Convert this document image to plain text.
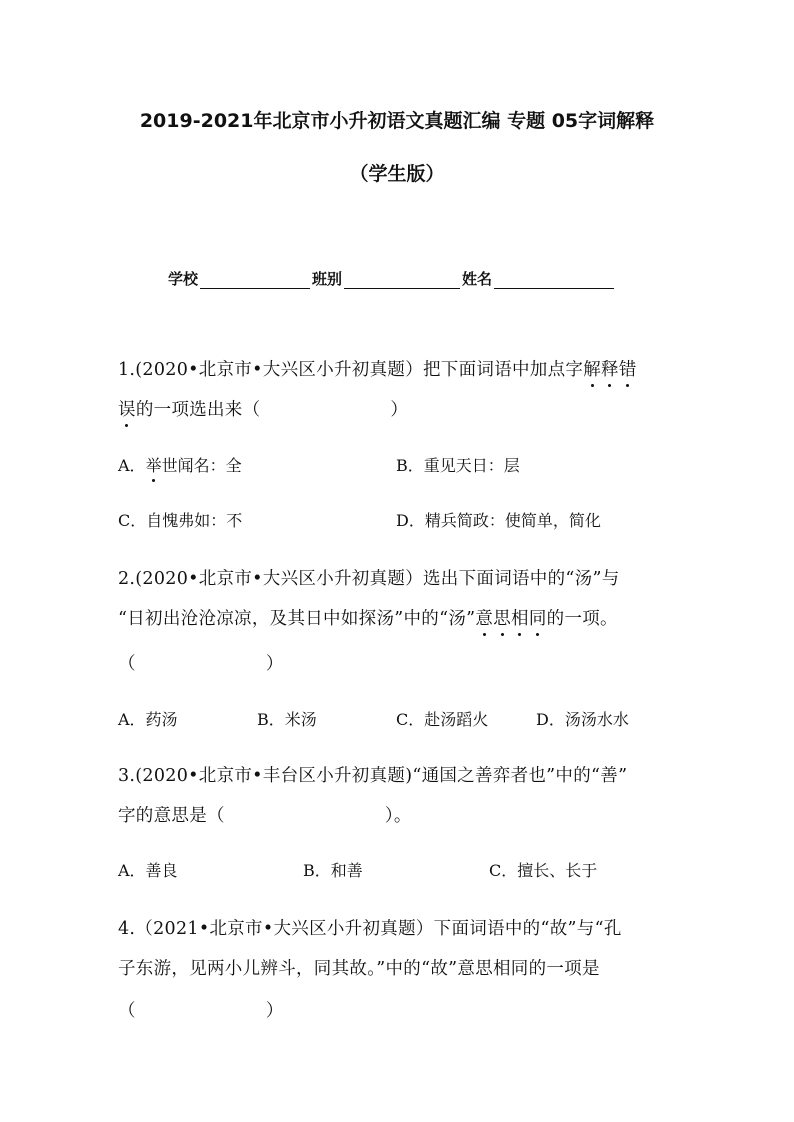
2019-2021年北京市小升初语文真题汇编 专题 05字词解释
（学生版）
学校	班别	姓名
1.(2020•北京市•大兴区小升初真题）把下面词语中加点字解释错
误的一项选出来（	）
A．举世闻名：全	B．重见天日：层
C．自愧弗如：不	D．精兵简政：使简单，简化
2.(2020•北京市•大兴区小升初真题）选出下面词语中的“汤”与
“日初出沧沧凉凉，及其日中如探汤”中的“汤”意思相同的一项。
（	）
A．药汤	B．米汤	C．赴汤蹈火	D．汤汤水水
3.(2020•北京市•丰台区小升初真题)“通国之善弈者也”中的“善”
字的意思是（	）。
A．善良	B．和善	C．擅长、长于
4.（2021•北京市•大兴区小升初真题）下面词语中的“故”与“孔
子东游，见两小儿辨斗，同其故。”中的“故”意思相同的一项是
（	）
